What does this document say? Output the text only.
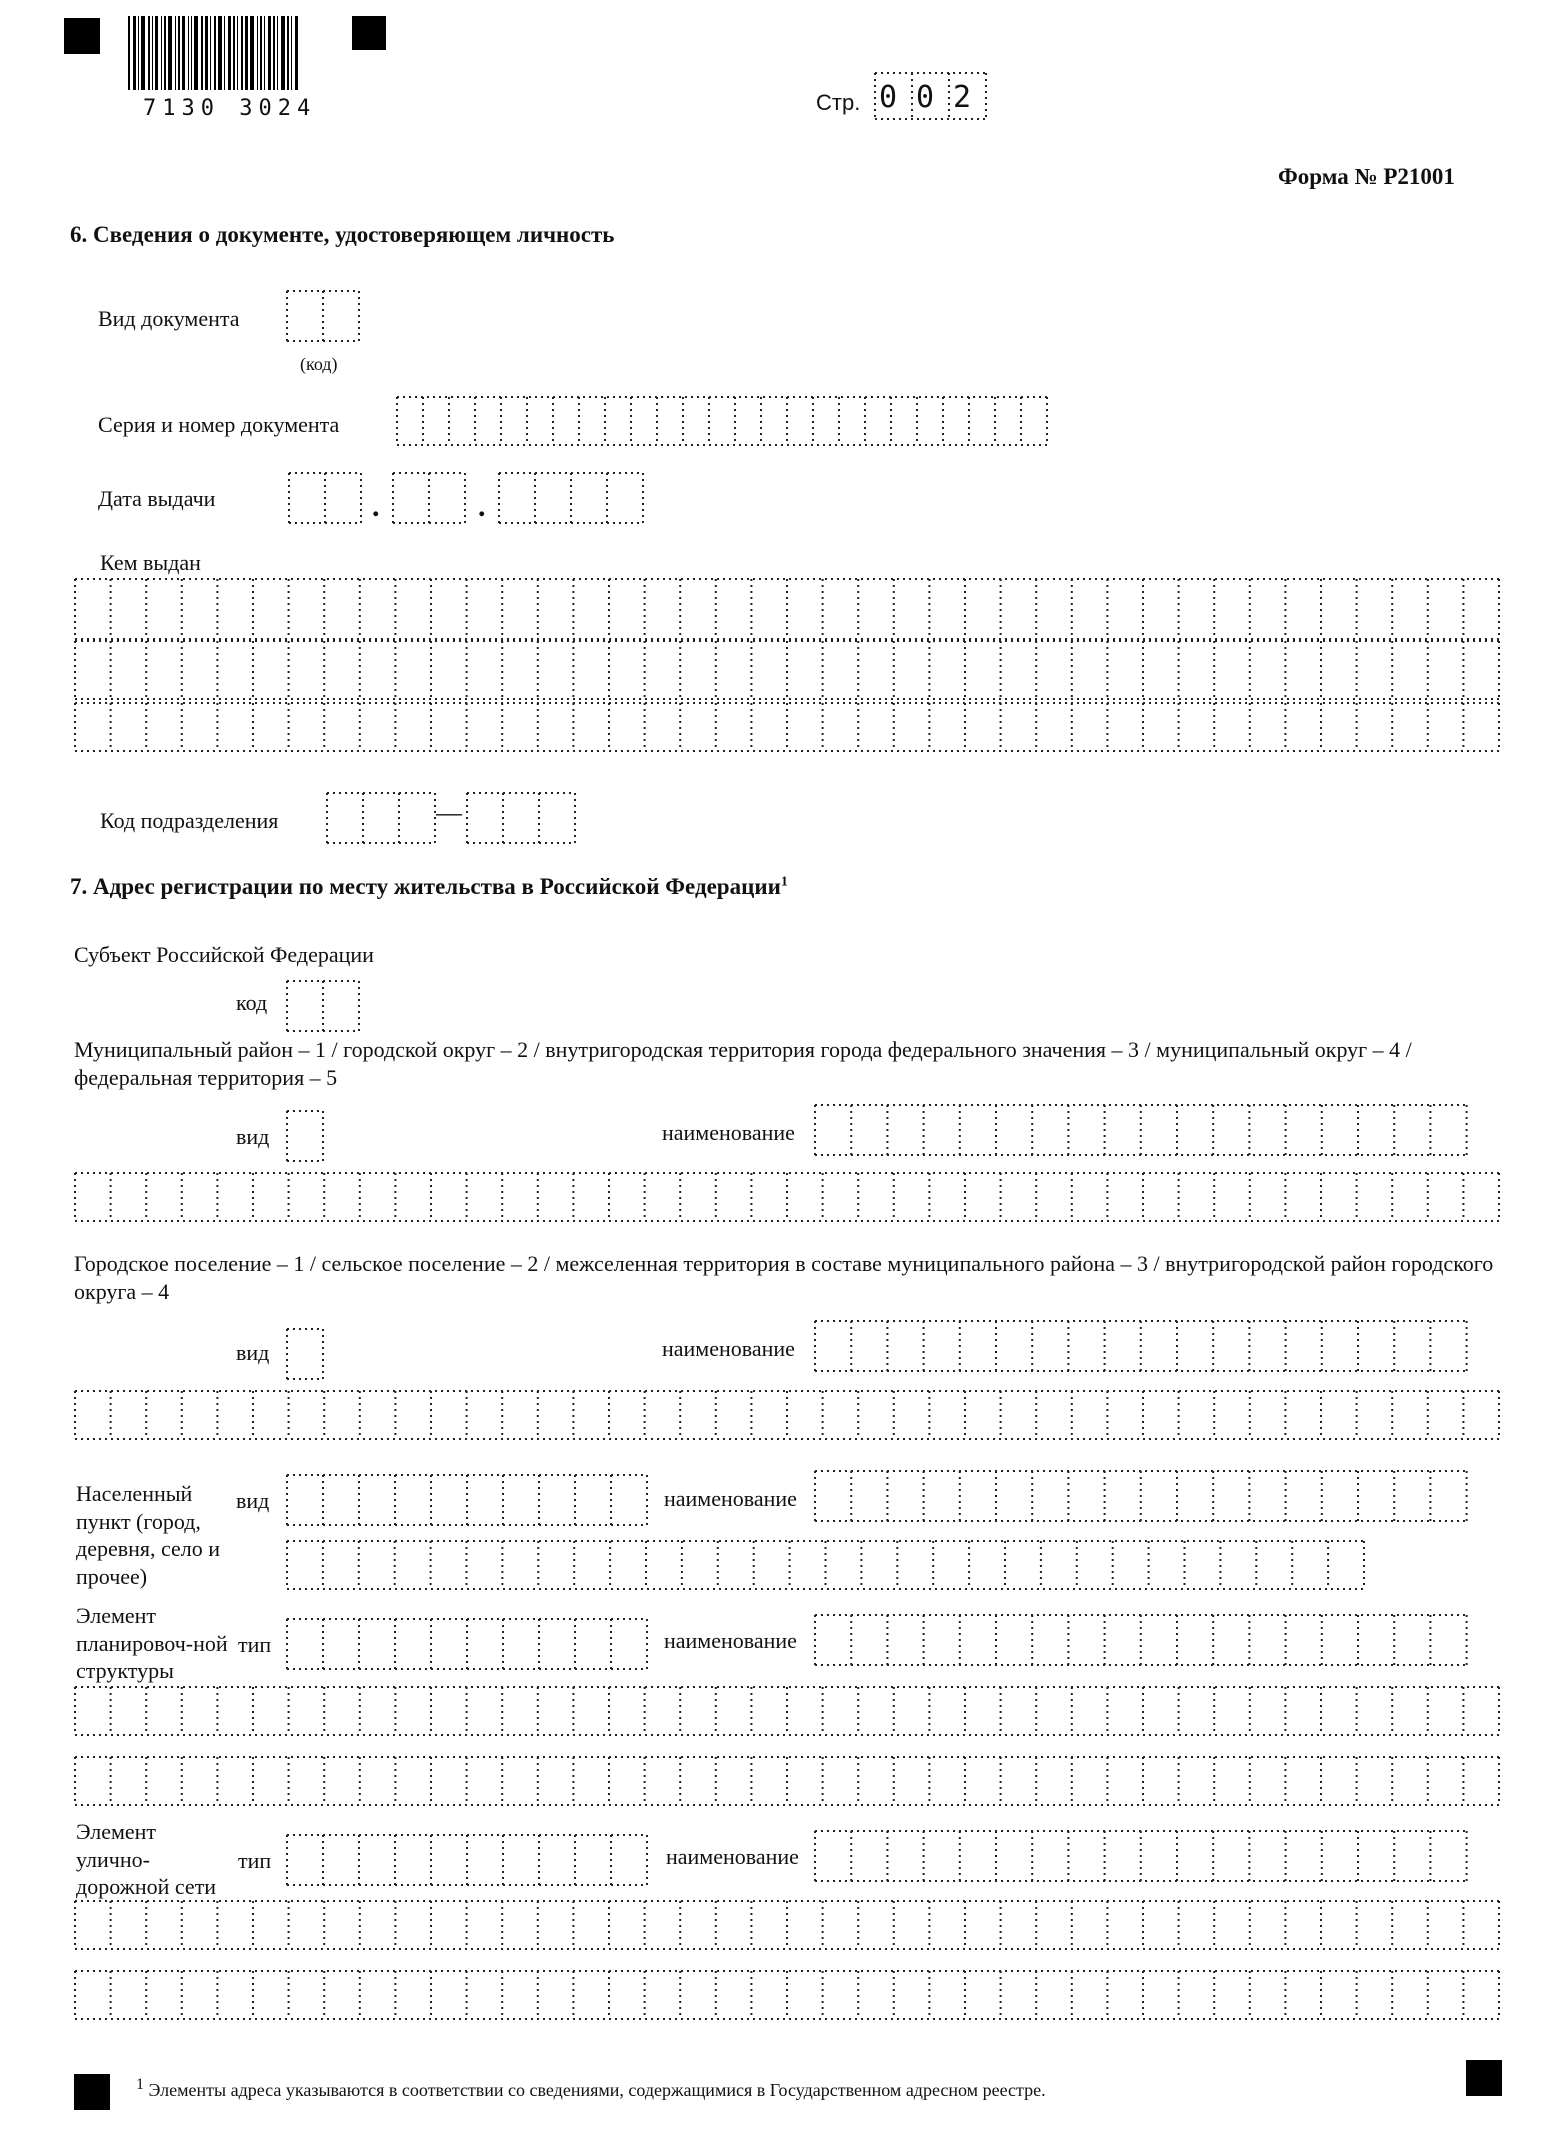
7130 3024	Стр. 0 0 2
Форма № Р21001
6. Сведения о документе, удостоверяющем личность
Вид документа
(код)
Серия и номер документа
Дата выдачи	.	.
Кем выдан
Код подразделения	—
7. Адрес регистрации по месту жительства в Российской Федерации$^1$
Субъект Российской Федерации
код
Муниципальный район – 1 / городской округ – 2 / внутригородская территория города федерального значения – 3 / муниципальный округ – 4 / федеральная территория – 5
вид	наименование
Городское поселение – 1 / сельское поселение – 2 / межселенная территория в составе муниципального района – 3 / внутригородской район городского округа – 4
вид	наименование
Населенный пункт (город, деревня, село и прочее)
вид	наименование
Элемент планировоч-ной структуры
тип	наименование
Элемент улично-дорожной сети
тип	наименование
$^1$ Элементы адреса указываются в соответствии со сведениями, содержащимися в Государственном адресном реестре.
